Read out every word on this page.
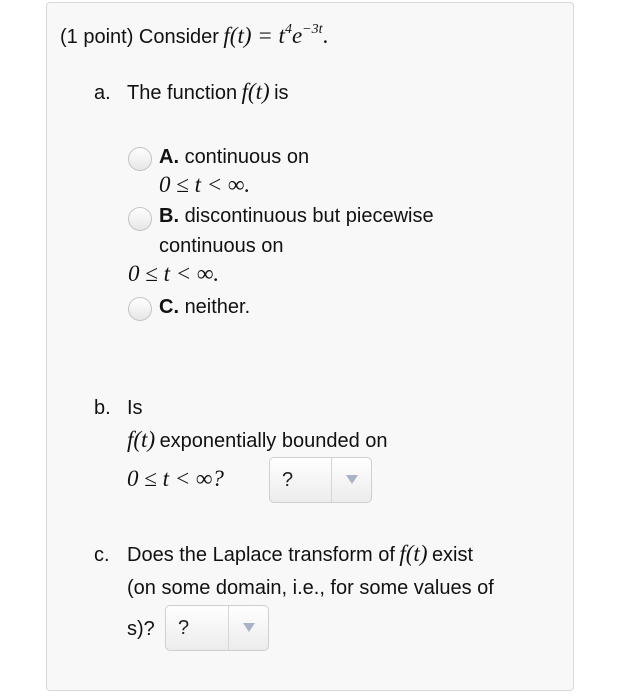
(1 point) Consider $f(t) = t^4e^{-3t}$.
a. The function f(t) is
A. continuous on
0 ≤ t < ∞.
B. discontinuous but piecewise
continuous on
0 ≤ t < ∞.
C. neither.
b. Is
f(t) exponentially bounded on
0 ≤ t < ∞?	?
c. Does the Laplace transform of f(t) exist
(on some domain, i.e., for some values of
s)? ?
